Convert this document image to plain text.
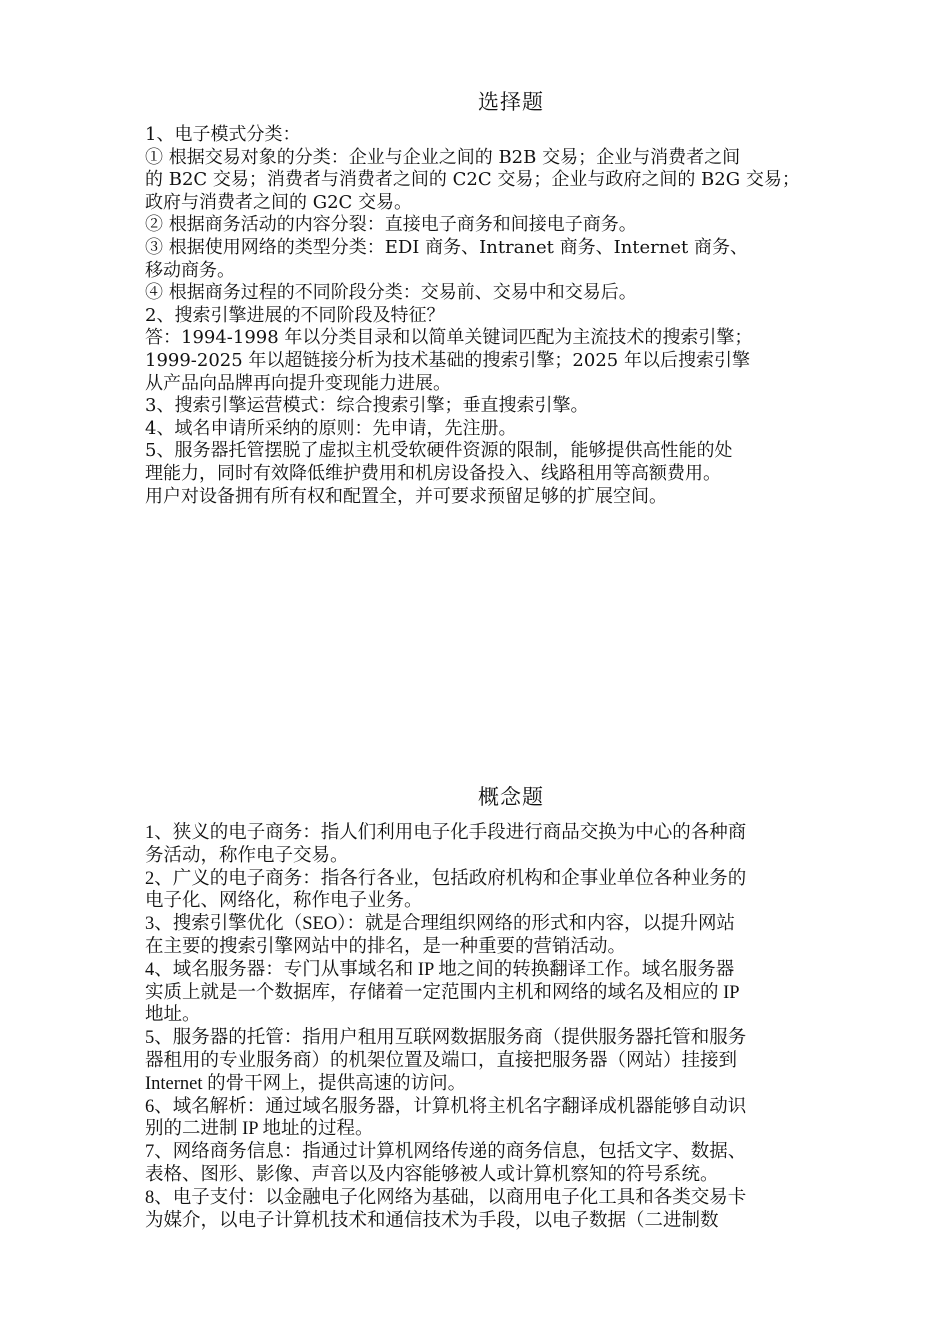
选择题

1、电子模式分类：

① 根据交易对象的分类：企业与企业之间的 B2B 交易；企业与消费者之间

的 B2C 交易；消费者与消费者之间的 C2C 交易；企业与政府之间的 B2G 交易；

政府与消费者之间的 G2C 交易。

② 根据商务活动的内容分裂：直接电子商务和间接电子商务。

③ 根据使用网络的类型分类：EDI 商务、Intranet 商务、Internet 商务、

移动商务。

④ 根据商务过程的不同阶段分类：交易前、交易中和交易后。

2、搜索引擎进展的不同阶段及特征？

答：1994-1998 年以分类目录和以简单关键词匹配为主流技术的搜索引擎；

1999-2025 年以超链接分析为技术基础的搜索引擎；2025 年以后搜索引擎

从产品向品牌再向提升变现能力进展。

3、搜索引擎运营模式：综合搜索引擎；垂直搜索引擎。

4、域名申请所采纳的原则：先申请，先注册。

5、服务器托管摆脱了虚拟主机受软硬件资源的限制，能够提供高性能的处

理能力，同时有效降低维护费用和机房设备投入、线路租用等高额费用。

用户对设备拥有所有权和配置全，并可要求预留足够的扩展空间。

概念题

1、狭义的电子商务：指人们利用电子化手段进行商品交换为中心的各种商

务活动，称作电子交易。

2、广义的电子商务：指各行各业，包括政府机构和企事业单位各种业务的

电子化、网络化，称作电子业务。

3、搜索引擎优化（SEO）：就是合理组织网络的形式和内容，以提升网站

在主要的搜索引擎网站中的排名，是一种重要的营销活动。

4、域名服务器：专门从事域名和 IP 地之间的转换翻译工作。域名服务器

实质上就是一个数据库，存储着一定范围内主机和网络的域名及相应的 IP

地址。

5、服务器的托管：指用户租用互联网数据服务商（提供服务器托管和服务

器租用的专业服务商）的机架位置及端口，直接把服务器（网站）挂接到

Internet 的骨干网上，提供高速的访问。

6、域名解析：通过域名服务器，计算机将主机名字翻译成机器能够自动识

别的二进制 IP 地址的过程。

7、网络商务信息：指通过计算机网络传递的商务信息，包括文字、数据、

表格、图形、影像、声音以及内容能够被人或计算机察知的符号系统。

8、电子支付：以金融电子化网络为基础，以商用电子化工具和各类交易卡

为媒介，以电子计算机技术和通信技术为手段，以电子数据（二进制数
